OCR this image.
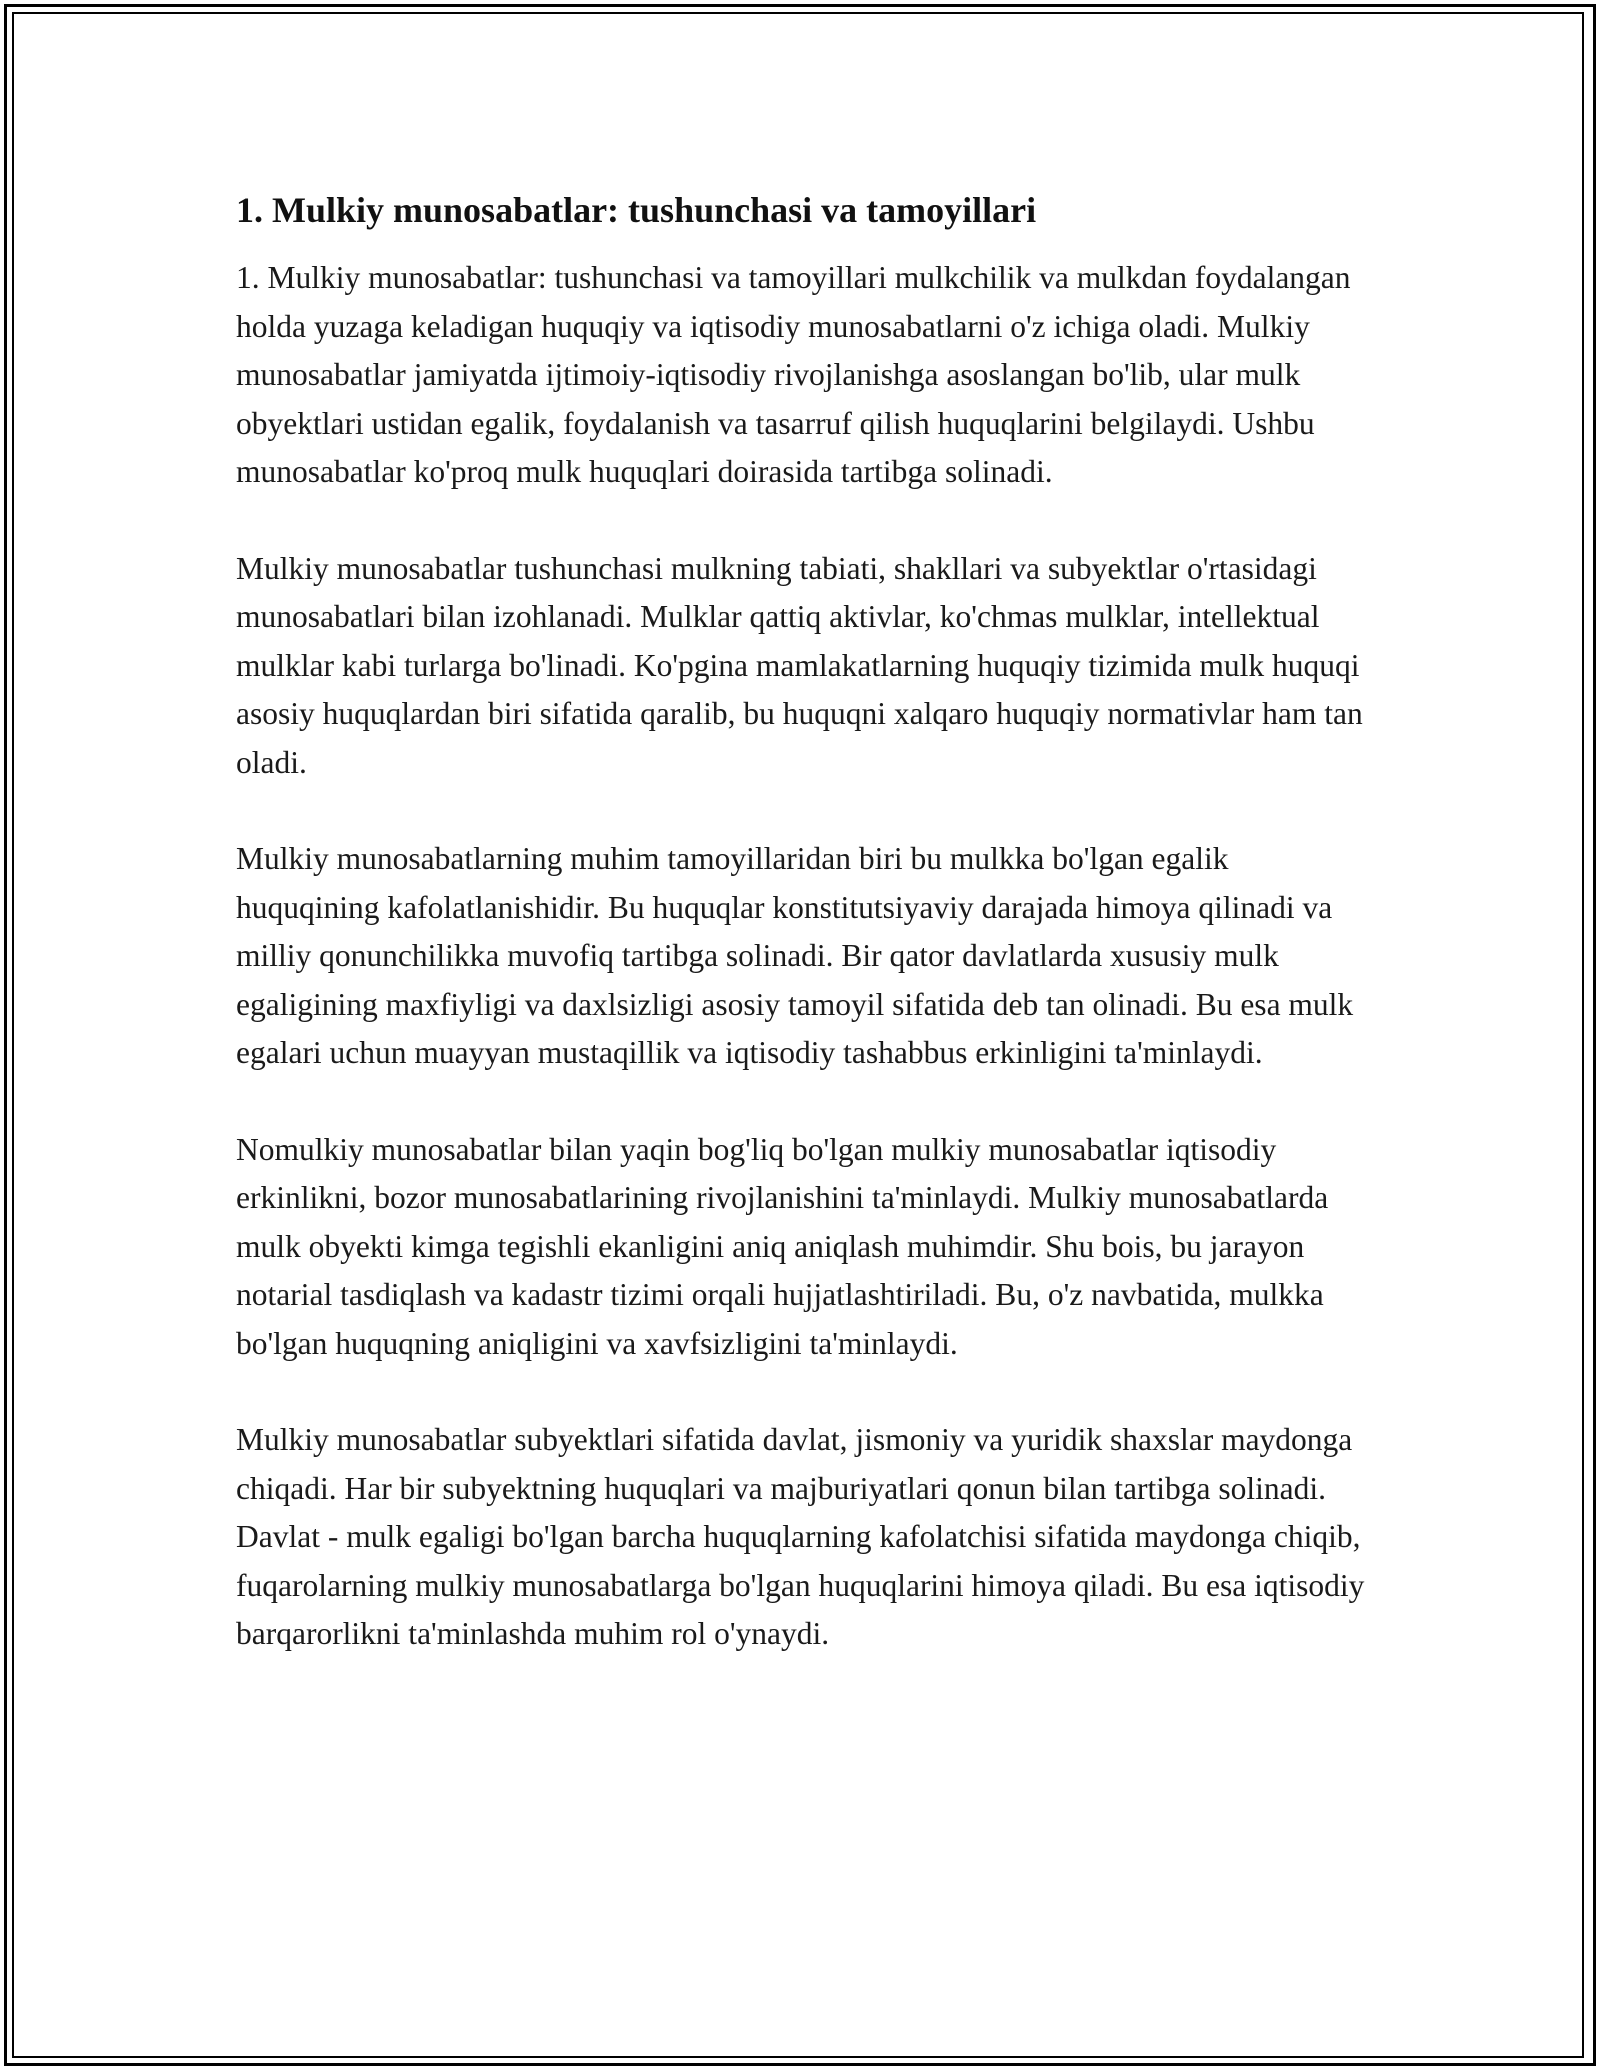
1. Mulkiy munosabatlar: tushunchasi va tamoyillari

1. Mulkiy munosabatlar: tushunchasi va tamoyillari mulkchilik va mulkdan foydalangan holda yuzaga keladigan huquqiy va iqtisodiy munosabatlarni o'z ichiga oladi. Mulkiy munosabatlar jamiyatda ijtimoiy-iqtisodiy rivojlanishga asoslangan bo'lib, ular mulk obyektlari ustidan egalik, foydalanish va tasarruf qilish huquqlarini belgilaydi. Ushbu munosabatlar ko'proq mulk huquqlari doirasida tartibga solinadi.

Mulkiy munosabatlar tushunchasi mulkning tabiati, shakllari va subyektlar o'rtasidagi munosabatlari bilan izohlanadi. Mulklar qattiq aktivlar, ko'chmas mulklar, intellektual mulklar kabi turlarga bo'linadi. Ko'pgina mamlakatlarning huquqiy tizimida mulk huquqi asosiy huquqlardan biri sifatida qaralib, bu huquqni xalqaro huquqiy normativlar ham tan oladi.

Mulkiy munosabatlarning muhim tamoyillaridan biri bu mulkka bo'lgan egalik huquqining kafolatlanishidir. Bu huquqlar konstitutsiyaviy darajada himoya qilinadi va milliy qonunchilikka muvofiq tartibga solinadi. Bir qator davlatlarda xususiy mulk egaligining maxfiyligi va daxlsizligi asosiy tamoyil sifatida deb tan olinadi. Bu esa mulk egalari uchun muayyan mustaqillik va iqtisodiy tashabbus erkinligini ta'minlaydi.

Nomulkiy munosabatlar bilan yaqin bog'liq bo'lgan mulkiy munosabatlar iqtisodiy erkinlikni, bozor munosabatlarining rivojlanishini ta'minlaydi. Mulkiy munosabatlarda mulk obyekti kimga tegishli ekanligini aniq aniqlash muhimdir. Shu bois, bu jarayon notarial tasdiqlash va kadastr tizimi orqali hujjatlashtiriladi. Bu, o'z navbatida, mulkka bo'lgan huquqning aniqligini va xavfsizligini ta'minlaydi.

Mulkiy munosabatlar subyektlari sifatida davlat, jismoniy va yuridik shaxslar maydonga chiqadi. Har bir subyektning huquqlari va majburiyatlari qonun bilan tartibga solinadi. Davlat - mulk egaligi bo'lgan barcha huquqlarning kafolatchisi sifatida maydonga chiqib, fuqarolarning mulkiy munosabatlarga bo'lgan huquqlarini himoya qiladi. Bu esa iqtisodiy barqarorlikni ta'minlashda muhim rol o'ynaydi.
